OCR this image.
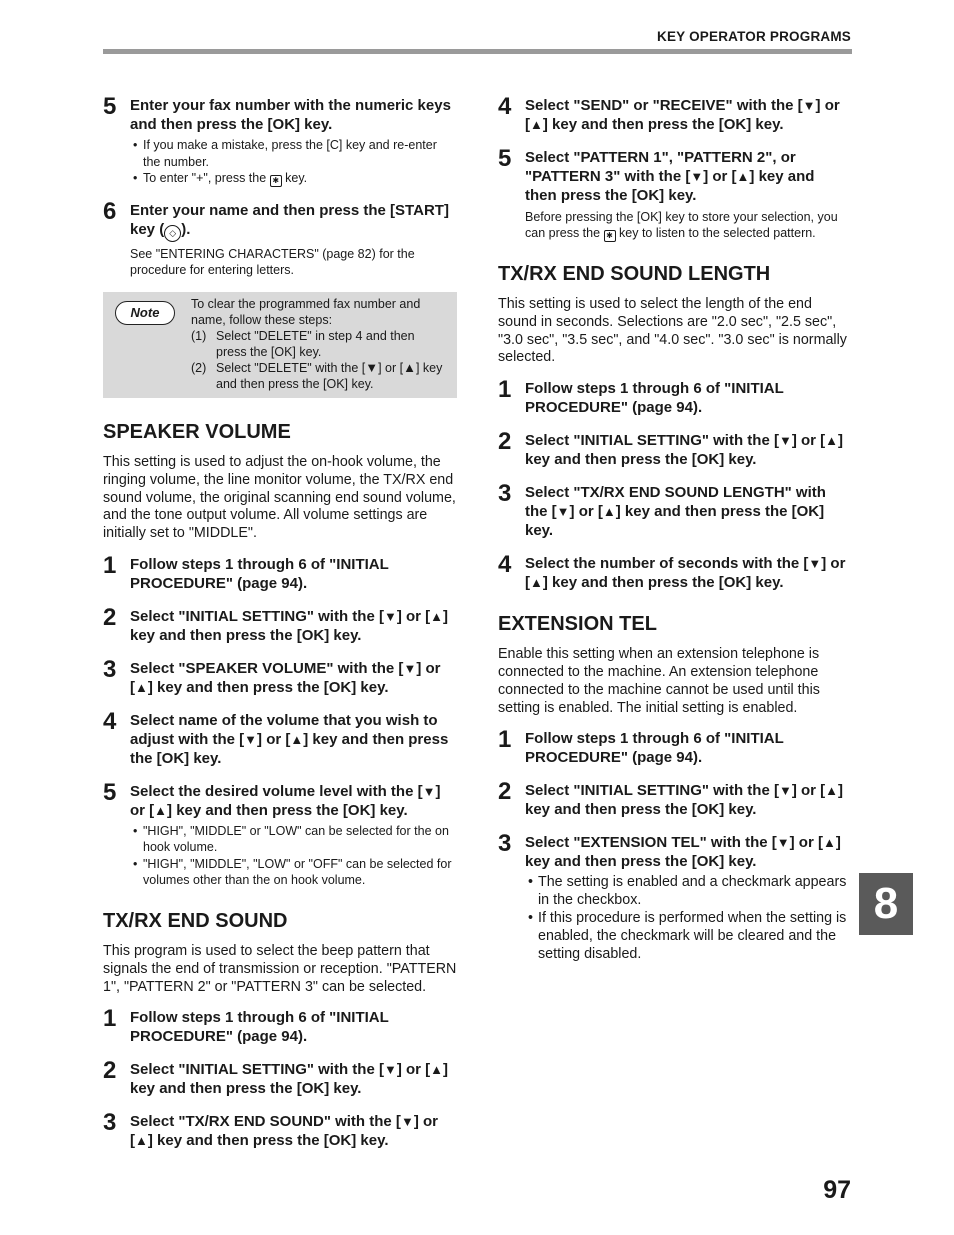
KEY OPERATOR PROGRAMS
5 Enter your fax number with the numeric keys and then press the [OK] key.
• If you make a mistake, press the [C] key and re-enter the number.
• To enter "+", press the ✱ key.
6 Enter your name and then press the [START] key ( ◇ ).
See "ENTERING CHARACTERS" (page 82) for the procedure for entering letters.
Note
To clear the programmed fax number and name, follow these steps:
(1) Select "DELETE" in step 4 and then press the [OK] key.
(2) Select "DELETE" with the [▼] or [▲] key and then press the [OK] key.
SPEAKER VOLUME
This setting is used to adjust the on-hook volume, the ringing volume, the line monitor volume, the TX/RX end sound volume, the original scanning end sound volume, and the tone output volume. All volume settings are initially set to "MIDDLE".
1 Follow steps 1 through 6 of "INITIAL PROCEDURE" (page 94).
2 Select "INITIAL SETTING" with the [▼] or [▲] key and then press the [OK] key.
3 Select "SPEAKER VOLUME" with the [▼] or [▲] key and then press the [OK] key.
4 Select name of the volume that you wish to adjust with the [▼] or [▲] key and then press the [OK] key.
5 Select the desired volume level with the [▼] or [▲] key and then press the [OK] key.
• "HIGH", "MIDDLE" or "LOW" can be selected for the on hook volume.
• "HIGH", "MIDDLE", "LOW" or "OFF" can be selected for volumes other than the on hook volume.
TX/RX END SOUND
This program is used to select the beep pattern that signals the end of transmission or reception. "PATTERN 1", "PATTERN 2" or "PATTERN 3" can be selected.
1 Follow steps 1 through 6 of "INITIAL PROCEDURE" (page 94).
2 Select "INITIAL SETTING" with the [▼] or [▲] key and then press the [OK] key.
3 Select "TX/RX END SOUND" with the [▼] or [▲] key and then press the [OK] key.
4 Select "SEND" or "RECEIVE" with the [▼] or [▲] key and then press the [OK] key.
5 Select "PATTERN 1", "PATTERN 2", or "PATTERN 3" with the [▼] or [▲] key and then press the [OK] key.
Before pressing the [OK] key to store your selection, you can press the ✱ key to listen to the selected pattern.
TX/RX END SOUND LENGTH
This setting is used to select the length of the end sound in seconds. Selections are "2.0 sec", "2.5 sec", "3.0 sec", "3.5 sec", and "4.0 sec". "3.0 sec" is normally selected.
1 Follow steps 1 through 6 of "INITIAL PROCEDURE" (page 94).
2 Select "INITIAL SETTING" with the [▼] or [▲] key and then press the [OK] key.
3 Select "TX/RX END SOUND LENGTH" with the [▼] or [▲] key and then press the [OK] key.
4 Select the number of seconds with the [▼] or [▲] key and then press the [OK] key.
EXTENSION TEL
Enable this setting when an extension telephone is connected to the machine. An extension telephone connected to the machine cannot be used until this setting is enabled. The initial setting is enabled.
1 Follow steps 1 through 6 of "INITIAL PROCEDURE" (page 94).
2 Select "INITIAL SETTING" with the [▼] or [▲] key and then press the [OK] key.
3 Select "EXTENSION TEL" with the [▼] or [▲] key and then press the [OK] key.
• The setting is enabled and a checkmark appears in the checkbox.
• If this procedure is performed when the setting is enabled, the checkmark will be cleared and the setting disabled.
8
97
